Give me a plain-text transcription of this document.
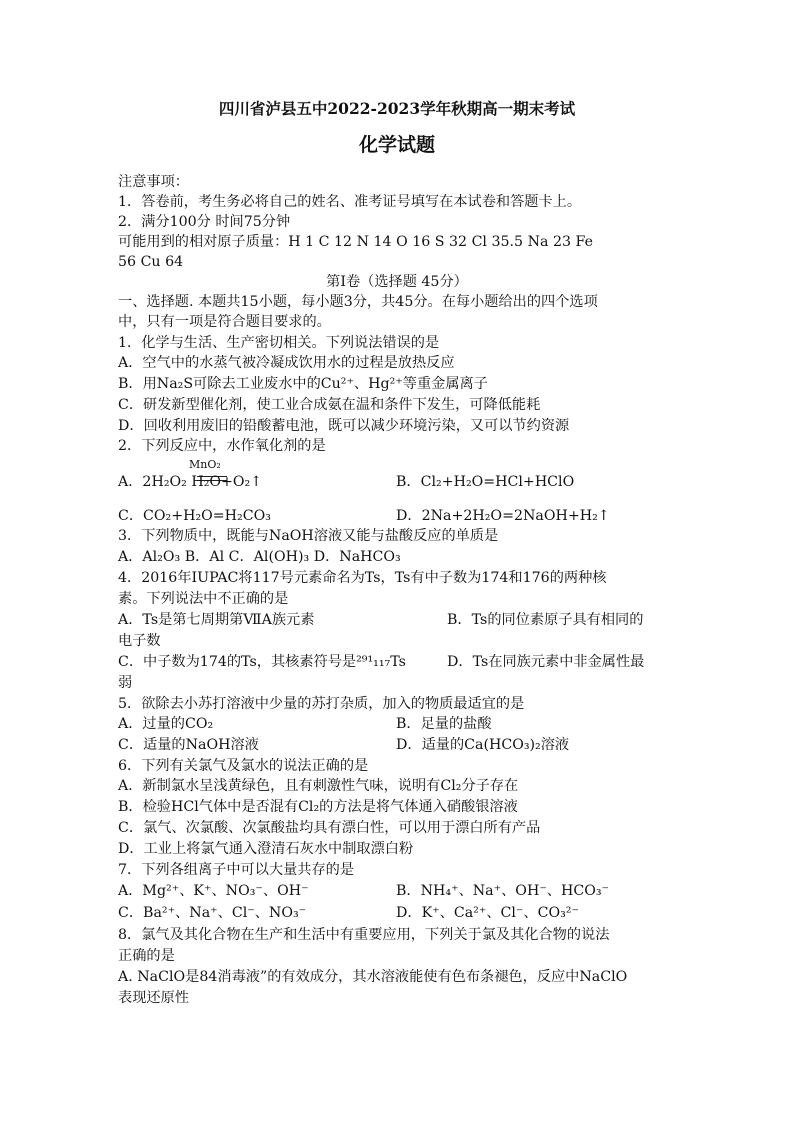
四川省泸县五中2022-2023学年秋期高一期末考试
化学试题
注意事项：
1．答卷前，考生务必将自己的姓名、准考证号填写在本试卷和答题卡上。
2．满分100分 时间75分钟
可能用到的相对原子质量：H 1 C 12 N 14 O 16 S 32 Cl 35.5 Na 23 Fe
56 Cu 64
第I卷（选择题 45分）
一、选择题. 本题共15小题，每小题3分，共45分。在每小题给出的四个选项
中，只有一项是符合题目要求的。
1．化学与生活、生产密切相关。下列说法错误的是
A．空气中的水蒸气被冷凝成饮用水的过程是放热反应
B．用Na₂S可除去工业废水中的Cu²⁺、Hg²⁺等重金属离子
C．研发新型催化剂，使工业合成氨在温和条件下发生，可降低能耗
D．回收利用废旧的铅酸蓄电池，既可以减少环境污染，又可以节约资源
2．下列反应中，水作氧化剂的是
MnO₂
A．2H₂O₂ H₂O+O₂↑	B．Cl₂+H₂O=HCl+HClO
C．CO₂+H₂O=H₂CO₃	D．2Na+2H₂O=2NaOH+H₂↑
3．下列物质中，既能与NaOH溶液又能与盐酸反应的单质是
A．Al₂O₃ B．Al C．Al(OH)₃ D．NaHCO₃
4．2016年IUPAC将117号元素命名为Ts，Ts有中子数为174和176的两种核
素。下列说法中不正确的是
A．Ts是第七周期第ⅦA族元素	B．Ts的同位素原子具有相同的
电子数
C．中子数为174的Ts，其核素符号是²⁹¹₁₁₇Ts	D．Ts在同族元素中非金属性最
弱
5．欲除去小苏打溶液中少量的苏打杂质，加入的物质最适宜的是
A．过量的CO₂	B．足量的盐酸
C．适量的NaOH溶液	D．适量的Ca(HCO₃)₂溶液
6．下列有关氯气及氯水的说法正确的是
A．新制氯水呈浅黄绿色，且有刺激性气味，说明有Cl₂分子存在
B．检验HCl气体中是否混有Cl₂的方法是将气体通入硝酸银溶液
C．氯气、次氯酸、次氯酸盐均具有漂白性，可以用于漂白所有产品
D．工业上将氯气通入澄清石灰水中制取漂白粉
7．下列各组离子中可以大量共存的是
A．Mg²⁺、K⁺、NO₃⁻、OH⁻	B．NH₄⁺、Na⁺、OH⁻、HCO₃⁻
C．Ba²⁺、Na⁺、Cl⁻、NO₃⁻	D．K⁺、Ca²⁺、Cl⁻、CO₃²⁻
8．氯气及其化合物在生产和生活中有重要应用，下列关于氯及其化合物的说法
正确的是
A. NaClO是84消毒液”的有效成分，其水溶液能使有色布条褪色，反应中NaClO
表现还原性
